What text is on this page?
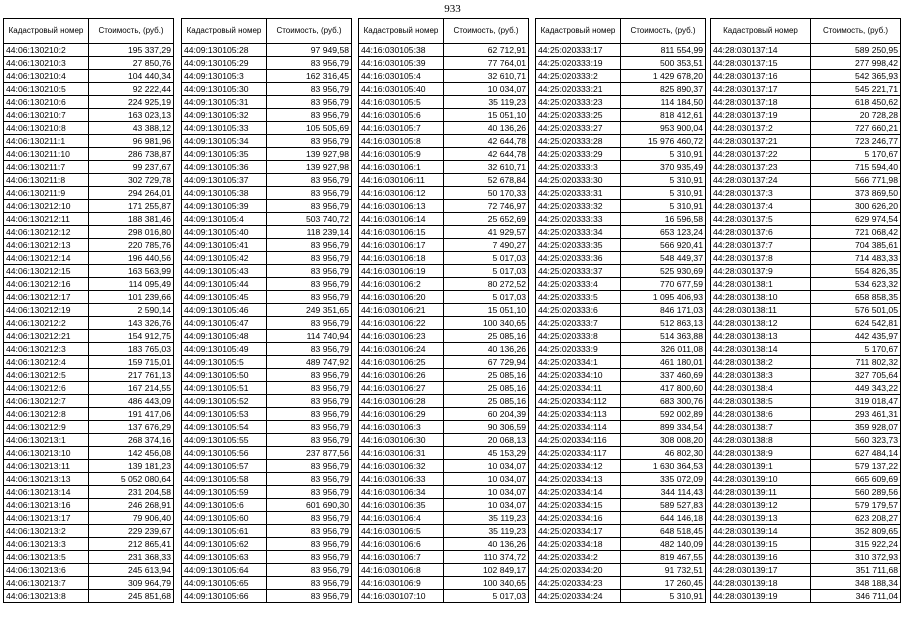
933
Кадастровый номер	Стоимость, (руб.)
44:06:130210:2	195 337,29
44:06:130210:3	27 850,76
44:06:130210:4	104 440,34
44:06:130210:5	92 222,44
44:06:130210:6	224 925,19
44:06:130210:7	163 023,13
44:06:130210:8	43 388,12
44:06:130211:1	96 981,96
44:06:130211:10	286 738,87
44:06:130211:7	99 237,67
44:06:130211:8	302 729,78
44:06:130211:9	294 264,01
44:06:130212:10	171 255,87
44:06:130212:11	188 381,46
44:06:130212:12	298 016,80
44:06:130212:13	220 785,76
44:06:130212:14	196 440,56
44:06:130212:15	163 563,99
44:06:130212:16	114 095,49
44:06:130212:17	101 239,66
44:06:130212:19	2 590,14
44:06:130212:2	143 326,76
44:06:130212:21	154 912,75
44:06:130212:3	183 765,03
44:06:130212:4	159 715,01
44:06:130212:5	217 761,13
44:06:130212:6	167 214,55
44:06:130212:7	486 443,09
44:06:130212:8	191 417,06
44:06:130212:9	137 676,29
44:06:130213:1	268 374,16
44:06:130213:10	142 456,08
44:06:130213:11	139 181,23
44:06:130213:13	5 052 080,64
44:06:130213:14	231 204,58
44:06:130213:16	246 268,91
44:06:130213:17	79 906,40
44:06:130213:2	229 239,67
44:06:130213:3	212 865,41
44:06:130213:5	231 368,33
44:06:130213:6	245 613,94
44:06:130213:7	309 964,79
44:06:130213:8	245 851,68
Кадастровый номер	Стоимость, (руб.)
44:09:130105:28	97 949,58
44:09:130105:29	83 956,79
44:09:130105:3	162 316,45
44:09:130105:30	83 956,79
44:09:130105:31	83 956,79
44:09:130105:32	83 956,79
44:09:130105:33	105 505,69
44:09:130105:34	83 956,79
44:09:130105:35	139 927,98
44:09:130105:36	139 927,98
44:09:130105:37	83 956,79
44:09:130105:38	83 956,79
44:09:130105:39	83 956,79
44:09:130105:4	503 740,72
44:09:130105:40	118 239,14
44:09:130105:41	83 956,79
44:09:130105:42	83 956,79
44:09:130105:43	83 956,79
44:09:130105:44	83 956,79
44:09:130105:45	83 956,79
44:09:130105:46	249 351,65
44:09:130105:47	83 956,79
44:09:130105:48	114 740,94
44:09:130105:49	83 956,79
44:09:130105:5	489 747,92
44:09:130105:50	83 956,79
44:09:130105:51	83 956,79
44:09:130105:52	83 956,79
44:09:130105:53	83 956,79
44:09:130105:54	83 956,79
44:09:130105:55	83 956,79
44:09:130105:56	237 877,56
44:09:130105:57	83 956,79
44:09:130105:58	83 956,79
44:09:130105:59	83 956,79
44:09:130105:6	601 690,30
44:09:130105:60	83 956,79
44:09:130105:61	83 956,79
44:09:130105:62	83 956,79
44:09:130105:63	83 956,79
44:09:130105:64	83 956,79
44:09:130105:65	83 956,79
44:09:130105:66	83 956,79
Кадастровый номер	Стоимость, (руб.)
44:16:030105:38	62 712,91
44:16:030105:39	77 764,01
44:16:030105:4	32 610,71
44:16:030105:40	10 034,07
44:16:030105:5	35 119,23
44:16:030105:6	15 051,10
44:16:030105:7	40 136,26
44:16:030105:8	42 644,78
44:16:030105:9	42 644,78
44:16:030106:1	32 610,71
44:16:030106:11	52 678,84
44:16:030106:12	50 170,33
44:16:030106:13	72 746,97
44:16:030106:14	25 652,69
44:16:030106:15	41 929,57
44:16:030106:17	7 490,27
44:16:030106:18	5 017,03
44:16:030106:19	5 017,03
44:16:030106:2	80 272,52
44:16:030106:20	5 017,03
44:16:030106:21	15 051,10
44:16:030106:22	100 340,65
44:16:030106:23	25 085,16
44:16:030106:24	40 136,26
44:16:030106:25	67 729,94
44:16:030106:26	25 085,16
44:16:030106:27	25 085,16
44:16:030106:28	25 085,16
44:16:030106:29	60 204,39
44:16:030106:3	90 306,59
44:16:030106:30	20 068,13
44:16:030106:31	45 153,29
44:16:030106:32	10 034,07
44:16:030106:33	10 034,07
44:16:030106:34	10 034,07
44:16:030106:35	10 034,07
44:16:030106:4	35 119,23
44:16:030106:5	35 119,23
44:16:030106:6	40 136,26
44:16:030106:7	110 374,72
44:16:030106:8	102 849,17
44:16:030106:9	100 340,65
44:16:030107:10	5 017,03
Кадастровый номер	Стоимость, (руб.)
44:25:020333:17	811 554,99
44:25:020333:19	500 353,51
44:25:020333:2	1 429 678,20
44:25:020333:21	825 890,37
44:25:020333:23	114 184,50
44:25:020333:25	818 412,61
44:25:020333:27	953 900,04
44:25:020333:28	15 976 460,72
44:25:020333:29	5 310,91
44:25:020333:3	370 935,49
44:25:020333:30	5 310,91
44:25:020333:31	5 310,91
44:25:020333:32	5 310,91
44:25:020333:33	16 596,58
44:25:020333:34	653 123,24
44:25:020333:35	566 920,41
44:25:020333:36	548 449,37
44:25:020333:37	525 930,69
44:25:020333:4	770 677,59
44:25:020333:5	1 095 406,93
44:25:020333:6	846 171,03
44:25:020333:7	512 863,13
44:25:020333:8	514 363,88
44:25:020333:9	326 011,08
44:25:020334:1	461 180,01
44:25:020334:10	337 460,69
44:25:020334:11	417 800,60
44:25:020334:112	683 300,76
44:25:020334:113	592 002,89
44:25:020334:114	899 334,54
44:25:020334:116	308 008,20
44:25:020334:117	46 802,30
44:25:020334:12	1 630 364,53
44:25:020334:13	335 072,09
44:25:020334:14	344 114,43
44:25:020334:15	589 527,83
44:25:020334:16	644 146,18
44:25:020334:17	648 518,45
44:25:020334:18	482 140,09
44:25:020334:2	819 467,55
44:25:020334:20	91 732,51
44:25:020334:23	17 260,45
44:25:020334:24	5 310,91
Кадастровый номер	Стоимость, (руб.)
44:28:030137:14	589 250,95
44:28:030137:15	277 998,42
44:28:030137:16	542 365,93
44:28:030137:17	545 221,71
44:28:030137:18	618 450,62
44:28:030137:19	20 728,28
44:28:030137:2	727 660,21
44:28:030137:21	723 246,77
44:28:030137:22	5 170,67
44:28:030137:23	715 594,40
44:28:030137:24	566 771,98
44:28:030137:3	373 869,50
44:28:030137:4	300 626,20
44:28:030137:5	629 974,54
44:28:030137:6	721 068,42
44:28:030137:7	704 385,61
44:28:030137:8	714 483,33
44:28:030137:9	554 826,35
44:28:030138:1	534 623,32
44:28:030138:10	658 858,35
44:28:030138:11	576 501,05
44:28:030138:12	624 542,81
44:28:030138:13	442 435,97
44:28:030138:14	5 170,67
44:28:030138:2	711 802,32
44:28:030138:3	327 705,64
44:28:030138:4	449 343,22
44:28:030138:5	319 018,47
44:28:030138:6	293 461,31
44:28:030138:7	359 928,07
44:28:030138:8	560 323,73
44:28:030138:9	627 484,14
44:28:030139:1	579 137,22
44:28:030139:10	665 609,69
44:28:030139:11	560 289,56
44:28:030139:12	579 179,57
44:28:030139:13	623 208,27
44:28:030139:14	352 809,65
44:28:030139:15	315 922,24
44:28:030139:16	310 372,93
44:28:030139:17	351 711,68
44:28:030139:18	348 188,34
44:28:030139:19	346 711,04
